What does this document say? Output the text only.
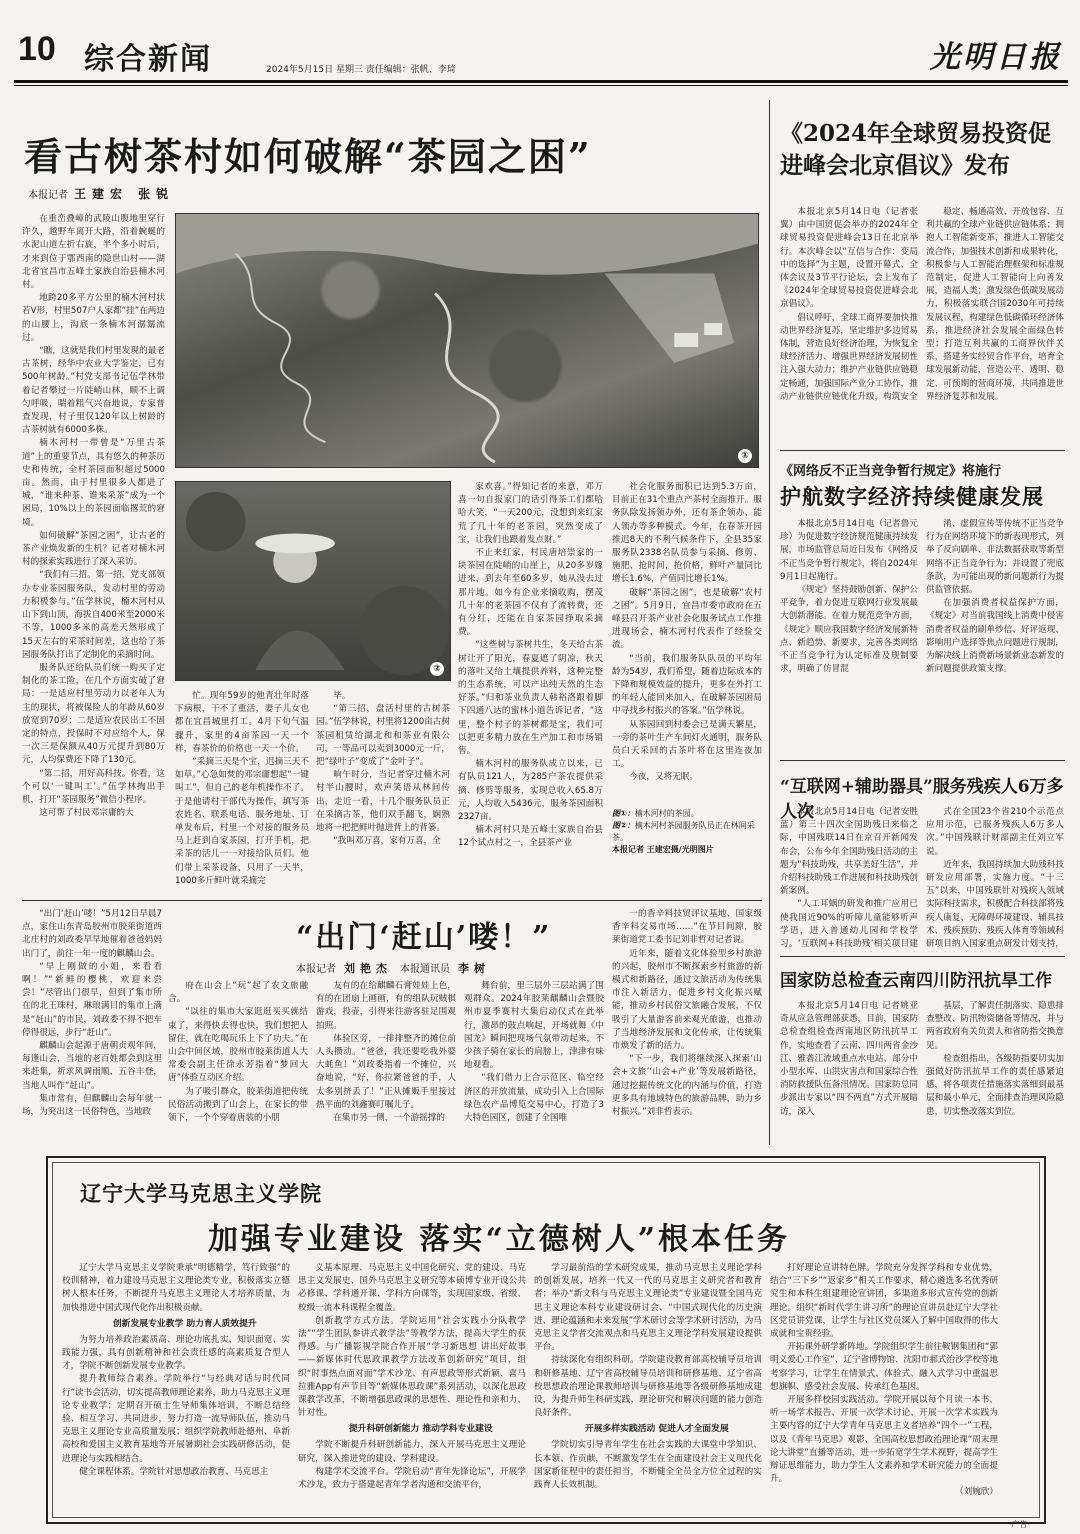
10 综合新闻	2024年5月15日 星期三 责任编辑：张帆、李琦	光明日报
看古树茶村如何破解“茶园之困”
本报记者 王建宏 张锐

在重峦叠嶂的武陵山腹地里穿行许久，越野车离开大路，沿着蜿蜒的水泥山道左折右旋，半个多小时后，才来到位于鄂西南的隐世山村——湖北省宜昌市五峰土家族自治县楠木河村。

地跨20多平方公里的楠木河村状若V形，村里507户人家都“挂”在两边的山腰上，沟底一条楠木河潺潺流过。

“瞧，这就是我们村里发现的最老古茶树，经华中农业大学鉴定，已有500年树龄。”村党支部书记伍学林带着记者攀过一片陡峭山林，顺不上调匀呼吸，喘着粗气兴奋地说，专家普查发现，村子里仅120年以上树龄的古茶树就有6000多株。

楠木河村一带曾是“万里古茶道”上的重要节点，具有悠久的种茶历史和传统，全村茶园面积超过5000亩。然而，由于村里很多人都进了城，“谁来种茶、谁来采茶”成为一个困局，10%以上的茶园面临撂荒的窘境。

如何破解“茶园之困”，让古老的茶产业焕发新的生机？记者对楠木河村的探索实践进行了深入采访。

“我们有三招。第一招，党支部领办专业茶园服务队，发动村里的劳动力积极参与。”伍学林说，楠木河村从山下到山顶，海拔自400米至2000米不等，1000多米的高差天然形成了15天左右的采茶时间差，这也给了茶园服务队打出了定制化的采摘时间。

服务队还给队员们统一购买了定制化的茶工险，在几个方面实破了窘局：一是适应村里劳动力以老年人为主的现状，将被保险人的年龄从60岁放宽到70岁；二是适应农民出工不固定的特点，投保时不对应给个人，保一次三是保额从40万元提升到80万元，人均保费还下降了130元。

“第二招，用好高科技。你看，这个可以‘一键叫工’。”伍学林掏出手机，打开“茶园服务”微信小程序。

这可帮了村民邓宗庸的大

①
②

忙。现年59岁的他青壮年时落下病根，干不了重活，妻子儿女也都在宜昌城里打工。4月下旬气温骤升，家里的4亩茶园一天一个样，春茶价的价格也一天一个价。

“采摘三天是个宝，迟摘三天不如草。”心急如焚的邓宗庸想起“一键叫工”，但自己的老年机操作不了。于是他请村干部代为操作，填写茶农姓名、联系电话、服务地址、订单发布后，村里一个对接的服务员马上赶到自家茶园，打开手机，把采茶的活儿一一对接给队员们。他们带上采茶设备，只用了一天半，1000多斤鲜叶就采摘完

毕。

“第三招，盘活村里的古树茶园。”伍学林说，村里将1200亩古树茶园租赁给湖北和和茶业有限公司，一等品可以卖到3000元一斤，把“绿叶子”变成了“金叶子”。

晌午时分，当记者穿过楠木河村半山腰时，欢声笑语从林间传出，走近一看，十几个服务队员正在采摘古茶，他们双手翻飞，娴熟地将一把把鲜叶抛进背上的背篓。

“我叫邓万喜，家有万喜，全

家欢喜。”得知记者的来意，邓万喜一句自报家门的话引得茶工们都哈哈大笑，“一天200元，没想到来红家荒了几十年的老茶园，突然变成了宝，让我们也跟着发点财。”

不止来红家，村民唐培崇家的一块茶园在陡峭的山崖上，从20多岁嫁进来，到去年至60多岁，她从没去过那片地。如今有企业来摘收购，摆茂几十年的老茶园不仅有了流转费，还有分红，还能在自家茶园挣取采摘费。

“这些树与茶树共生，冬天给古茶树让开了阳光，春夏遮了阴凉，秋天的落叶又给土壤提供养料，这种完整的生态系统，可以产出纯天然的生态好茶。”归和茶业负责人韩裕洛跟着脚下四通八达的蜜林小道告诉记者，“这里，整个村子的茶树都是宝，我们可以把更多精力放在生产加工和市场销售。

楠木河村的服务队成立以来，已有队员121人，为285户茶农提供采摘、修剪等服务，实现总收入65.8万元，人均收入5436元，服务茶园面积2327亩。

楠木河村只是五峰土家族自治县12个试点村之一，全县茶产业

社会化服务面积已达到5.3万亩，目前正在31个重点产茶村全面推开。服务队除发扬领办外，还有茶企领办、能人领办等多种模式。今年，在春茶开园推迟8天的不利气候条件下，全县35家服务队2338名队员参与采摘、修剪、施肥、抢时间，抢价格，鲜叶产量同比增长1.6%，产值同比增长1%。

破解“茶园之困”，也是破解“农村之困”。5月9日，宜昌市委市政府在五峰县召开茶产业社会化服务试点工作推进现场会，楠木河村代表作了经验交流。

“当前，我们服务队队员的平均年龄为54岁，我们希望，随着边际成本的下降和规模效益的提升，更多在外打工的年轻人能回来加入，在破解茶园困局中寻找乡村振兴的答案。”伍学林说。

从茶园回到村委会已是满天繁星，一旁的茶叶生产车间灯火通明，服务队员白天采回的古茶叶将在这里连夜加工。

今夜，又将无眠。

图①：楠木河村的茶园。
图②：楠木河村茶园服务队员正在林间采茶。
本报记者 王建宏摄/光明图片
“出门‘赶山’喽！”
本报记者 刘艳杰 本报通讯员 李树

“出门‘赶山’喽！”5月12日早晨7点，家住山东青岛胶州市胶莱街道西北庄村的刘政委早早地催着爸爸妈妈出门了，前往一年一度的麒麟山会。

“早上刚做的小姐，来看看啊！”“新鲜的樱桃，欢迎来尝尝！”尽管出门很早，但到了集市所在的北王珠村，琳琅满目的集市上满是“赶山”的市民，刘政委不得不把车停得很远，步行“赶山”。

麒麟山会起源于唐朝贞观年间，每逢山会，当地的老百姓都会到这里来赶集，祈求风调雨顺、五谷丰登，当地人叫作“赶山”。

集市常有，但麒麟山会每年就一场，为突出这一民俗特色，当地政

府在山会上“玩”起了农文旅融合。

“以往的集市大家逛逛买买就结束了，来得快去得也快，我们想把人留住，就在吃喝玩乐上下了功夫。”在山会中间区域，胶州市胶莱街道人大常委会副主任徐永芳指着“梦回大唐”体验互动区介绍。

为了吸引群众，胶莱街道把传统民俗活动搬到了山会上，在家长的带领下，一个个穿着唐装的小朋

友有的在给麒麟石膏娃娃上色，有的在团扇上画画，有的组队玩贼棋游戏，投壶，引得来往游客驻足围观拍照。

体验区旁，一排排整齐的摊位前人头攒动。“爸爸，我还要吃我外婆大蚝鱼！”刘政委指着一个摊位，兴奋地说，“好，你拉紧爸爸的手，人太多别挤丢了！”正从摊贩手里接过热平面的刘鑫赛叮嘱儿子。

在集市另一侧，一个游摇撑的

舞台前，里三层外三层站满了围观群众。2024年胶莱麒麟山会暨胶州市夏季赛村大集启动仪式在此举行，激昂的鼓点响起，开场就舞《中国龙》瞬间把现场气氛带动起来，不少孩子骑在家长的肩膀上，津津有味地观看。

“我们借力上合示范区、临空经济区的开放流量，成功引入上合国际绿色农产品博览交易中心，打造了3大特色园区，创建了全国唯

一的香辛料技贸评议基地、国家级香辛料交易市场……”在节目间隙，胶莱街道党工委书记刘非哲对记者说。

近年来，随着文化体验型乡村旅游的兴起，胶州市不断探索乡村旅游的新模式和新路径，通过文旅活动为传统集市注入新活力，促进乡村文化振兴赋能，推动乡村民俗文旅融合发展，不仅吸引了大量游客前来观光旅游，也推动了当地经济发展和文化传承，让传统集市焕发了新的活力。

“下一步，我们将继续深入探索‘山会+文旅’‘山会+产业’等发展新路径，通过挖掘传统文化的内涵与价值，打造更多具有地域特色的旅游品牌，助力乡村振兴。”刘非哲表示。

《2024年全球贸易投资促进峰会北京倡议》发布

本报北京5月14日电（记者张翼）由中国贸促会举办的2024年全球贸易投资促进峰会13日在北京举行。本次峰会以“互信与合作：变局中的选择”为主题，设置开幕式、全体会议及3节平行论坛，会上发布了《2024年全球贸易投资促进峰会北京倡议》。

倡议呼吁，全球工商界要加快推动世界经济复苏，坚定维护多边贸易体制，营造良好经济治理，为恢复全球经济活力、增强世界经济发展韧性注入强大动力；维护产业链供应链稳定畅通，加强国际产业分工协作，推动产业链供应链优化升级，构筑安全

稳定、畅通高效、开放包容、互利共赢的全球产业链供应链体系；拥抱人工智能新变革，推进人工智能交流合作，加强技术创新和成果转化，积极参与人工智能治理框架和标准规范制定，促进人工智能向上向善发展，造福人类；激发绿色低碳发展动力，积极落实联合国2030年可持续发展议程，构建绿色低碳循环经济体系，推进经济社会发展全面绿色转型；打造互利共赢的工商界伙伴关系，搭建务实经贸合作平台，培育全球发展新动能，营造公平、透明、稳定、可预期的营商环境，共同推进世界经济复苏和发展。

《网络反不正当竞争暂行规定》将施行
护航数字经济持续健康发展

本报北京5月14日电（记者鲁元珍）为促进数字经济规范健康持续发展，市场监管总局近日发布《网络反不正当竞争暂行规定》，将自2024年9月1日起施行。

《规定》坚持鼓励创新、保护公平竞争，着力促进互联网行业发展最大创新潜能。在着力规范竞争方面，《规定》顺应我国数字经济发展新特点、新趋势、新要求，完善各类网络不正当竞争行为认定标准及规制要求，明确了仿冒混

淆、虚假宣传等传统不正当竞争行为在网络环境下的新表现形式，列举了反向刷单、非法数据获取等新型网络不正当竞争行为；并设置了兜底条款，为可能出现的新问题新行为提供监管依据。

在加强消费者权益保护方面，《规定》对当前我国线上消费中侵害消费者权益的刷单炒信、好评返现、影响用户选择等焦点问题进行规制，为解决线上消费新场景新业态新发的新问题提供政策支撑。

“互联网+辅助器具”服务残疾人6万多人次

本报北京5月14日电（记者安胜蓝）第三十四次全国助残日来临之际，中国残联14日在京召开新闻发布会，公布今年全国助残日活动的主题为“科技助残，共享美好生活”，并介绍科技助残工作进展和科技助残创新案例。

“人工耳蜗的研发和推广应用已使我国近90%的听障儿童能够听声学语，进入普通幼儿园和学校学习。‘互联网+科技助残’相关项目建

式在全国23个省210个示范点应用示范，已服务残疾人6万多人次。”中国残联计财部副主任刘立军说。

近年来，我国持续加大助残科技研发应用部署，实施力度。“十三五”以来，中国残联针对残疾人领域实际科技需求，积极配合科技部将残疾人康复、无障碍环境建设、辅具技术、残疾预防、残疾人体育等领域科研项目纳入国家重点研发计划支持，

国家防总检查云南四川防汛抗旱工作

本报北京5月14日电 记者姚亚奇从应急管理部获悉，目前，国家防总检查组检查西南地区防汛抗旱工作，实地查看了云南、四川两省金沙江、雅砻江流域重点水电站、部分中小型水库、山洪灾害点和国家综合性消防救援队伍备汛情况。国家防总同步派出专家以“四不两直”方式开展暗访，深入

基层，了解责任制落实、隐患排查整改、防汛物资储备等情况，并与两省政府有关负责人和省防指交换意见。

检查组指出，各级防指要切实加强做好防汛抗旱工作的责任感紧迫感，将各项责任措施落实落细到最基层和最小单元，全面排查治理风险隐患，切实整改落实到位。

辽宁大学马克思主义学院
加强专业建设 落实“立德树人”根本任务

辽宁大学马克思主义学院秉承“明德精学，笃行致强”的校训精神，着力建设马克思主义理论类专业，积极落实立德树人根本任务，不断提升马克思主义理论人才培养质量，为加快推进中国式现代化作出积极贡献。

创新发展专业教学 助力育人质效提升

为努力培养政治素质高、理论功底扎实、知识面宽、实践能力强，具有创新精神和社会责任感的高素质复合型人才，学院不断创新发展专业教学。

提升教师综合素养。学院举行“与经典对话与时代同行”读书会活动，切实提高教师理论素养，助力马克思主义理论专业教学；定期召开硕士生导师集体培训，不断总结经验、相互学习、共同进步，努力打造一流导师队伍，推动马克思主义理论专业高质量发展；组织学院教师赴德州、阜新高校和爱国主义教育基地等开展暑期社会实践研修活动，促进理论与实践相结合。

健全课程体系。学院针对思想政治教育、马克思主

义基本原理、马克思主义中国化研究、党的建设、马克思主义发展史、国外马克思主义研究等本硕博专业开设公共必修课、学科通开课、学科方向课等，实现国家级、省级、校级一流本科课程全覆盖。

创新教学方式方法。学院运用“社会实践小分队教学法”“学生团队参讲式教学法”等教学方法，提高大学生的获得感。与广播影视学院合作开展“学习新思想 讲出好故事——新媒体时代思政课教学方法改革创新研究”项目，组织“时事热点面对面”学术沙龙、有声思政等形式新颖、喜马拉雅App有声节目等“新媒体思政课”系列活动，以深化思政课教学改革，不断增强思政课的思想性、理论性和亲和力、针对性。

提升科研创新能力 推动学科专业建设

学院不断提升科研创新能力，深入开展马克思主义理论研究，深入推进党的建设、学科建设。

构建学术交流平台。学院启动“青年先锋论坛”，开展学术沙龙，致力于搭建起青年学者沟通和交流平台，

学习最前沿的学术研究成果，推动马克思主义理论学科的创新发展，培养一代又一代的马克思主义研究者和教育者；举办“新文科与马克思主义理论类”专业建设暨全国马克思主义理论本科专业建设研讨会、“中国式现代化的历史演进、理论蕴涵和未来发展”学术研讨会等学术研讨活动，为马克思主义学者交流观点和马克思主义理论学科发展建设提供平台。

持续深化有组织科研。学院建设教育部高校辅导员培训和研修基地、辽宁省高校辅导员培训和研修基地、辽宁省高校思想政治理论课教师培训与研修基地等各级研修基地成建设，为提升师生科研实践、理论研究和解决问题的能力创造良好条件。

开展多样实践活动 促进人才全面发展

学院切实引导青年学生在社会实践的大课堂中学知识、长本领、作贡献，不断激发学生在全面建设社会主义现代化国家新征程中的责任担当，不断健全全员全方位全过程的实践育人长效机制。

打好理论宣讲特色牌。学院充分发挥学科和专业优势，结合“三下乡”“返家乡”相关工作要求，精心遴选多名优秀研究生和本科生组建理论宣讲团，多渠道多形式宣传党的创新理论。组织“新时代学生讲习所”的理论宣讲员赴辽宁大学社区党员讲党课，让学生与社区党员深入了解中国取得的伟大成就和宝贵经验。

开拓课外研学新阵地。学院组织学生前往鞍钢集团和“郭明义爱心工作室”、辽宁省博物馆、沈阳市郝式治沙学校等地考察学习，让学生在情景式、体验式、融入式学习中重温思想旗帜、感受社会发展、传承红色基因。

开展多样校园实践活动。学院开展以每个月读一本书、听一场学术报告、开展一次学术讨论、开展一次学术实践为主要内容的辽宁大学青年马克思主义者培养“四个一”工程，以及《青年马克思》观影、全国高校思想政治理论课“周末理论大讲堂”直播等活动，进一步拓宽学生学术视野，提高学生辩证思维能力，助力学生人文素养和学术研究能力的全面提升。

（刘婉欣）

·广告·
